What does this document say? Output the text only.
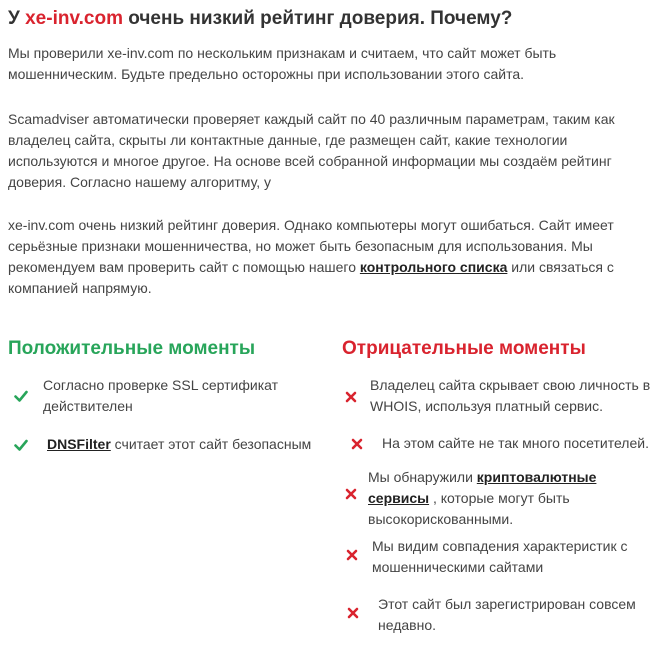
У xe-inv.com очень низкий рейтинг доверия. Почему?
Мы проверили xe-inv.com по нескольким признакам и считаем, что сайт может быть мошенническим. Будьте предельно осторожны при использовании этого сайта.
Scamadviser автоматически проверяет каждый сайт по 40 различным параметрам, таким как владелец сайта, скрыты ли контактные данные, где размещен сайт, какие технологии используются и многое другое. На основе всей собранной информации мы создаём рейтинг доверия. Согласно нашему алгоритму, у
xe-inv.com очень низкий рейтинг доверия. Однако компьютеры могут ошибаться. Сайт имеет серьёзные признаки мошенничества, но может быть безопасным для использования. Мы рекомендуем вам проверить сайт с помощью нашего контрольного списка или связаться с компанией напрямую.
Положительные моменты
Согласно проверке SSL сертификат действителен
DNSFilter считает этот сайт безопасным
Отрицательные моменты
Владелец сайта скрывает свою личность в WHOIS, используя платный сервис.
На этом сайте не так много посетителей.
Мы обнаружили криптовалютные сервисы , которые могут быть высокорискованными.
Мы видим совпадения характеристик с мошенническими сайтами
Этот сайт был зарегистрирован совсем недавно.
